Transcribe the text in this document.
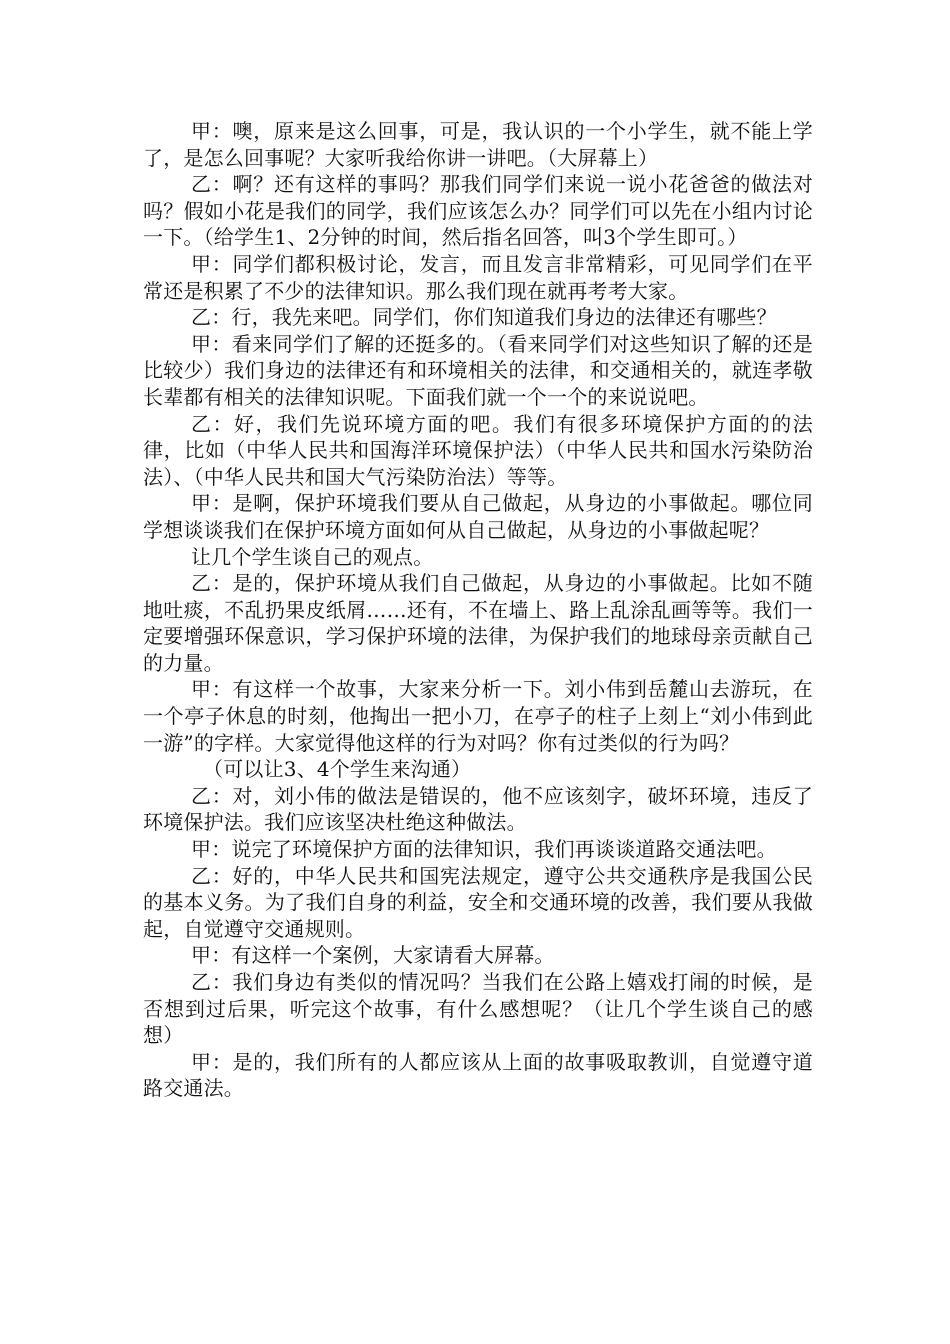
甲：噢，原来是这么回事，可是，我认识的一个小学生，就不能上学了，是怎么回事呢？大家听我给你讲一讲吧。（大屏幕上）

乙：啊？还有这样的事吗？那我们同学们来说一说小花爸爸的做法对吗？假如小花是我们的同学，我们应该怎么办？同学们可以先在小组内讨论一下。（给学生1、2分钟的时间，然后指名回答，叫3个学生即可。）

甲：同学们都积极讨论，发言，而且发言非常精彩，可见同学们在平常还是积累了不少的法律知识。那么我们现在就再考考大家。

乙：行，我先来吧。同学们，你们知道我们身边的法律还有哪些？

甲：看来同学们了解的还挺多的。（看来同学们对这些知识了解的还是比较少）我们身边的法律还有和环境相关的法律，和交通相关的，就连孝敬长辈都有相关的法律知识呢。下面我们就一个一个的来说说吧。

乙：好，我们先说环境方面的吧。我们有很多环境保护方面的的法律，比如（中华人民共和国海洋环境保护法）（中华人民共和国水污染防治法）、（中华人民共和国大气污染防治法）等等。

甲：是啊，保护环境我们要从自己做起，从身边的小事做起。哪位同学想谈谈我们在保护环境方面如何从自己做起，从身边的小事做起呢？

让几个学生谈自己的观点。

乙：是的，保护环境从我们自己做起，从身边的小事做起。比如不随地吐痰，不乱扔果皮纸屑……还有，不在墙上、路上乱涂乱画等等。我们一定要增强环保意识，学习保护环境的法律，为保护我们的地球母亲贡献自己的力量。

甲：有这样一个故事，大家来分析一下。刘小伟到岳麓山去游玩，在一个亭子休息的时刻，他掏出一把小刀，在亭子的柱子上刻上“刘小伟到此一游”的字样。大家觉得他这样的行为对吗？你有过类似的行为吗？

（可以让3、4个学生来沟通）

乙：对，刘小伟的做法是错误的，他不应该刻字，破坏环境，违反了环境保护法。我们应该坚决杜绝这种做法。

甲：说完了环境保护方面的法律知识，我们再谈谈道路交通法吧。

乙：好的，中华人民共和国宪法规定，遵守公共交通秩序是我国公民的基本义务。为了我们自身的利益，安全和交通环境的改善，我们要从我做起，自觉遵守交通规则。

甲：有这样一个案例，大家请看大屏幕。

乙：我们身边有类似的情况吗？当我们在公路上嬉戏打闹的时候，是否想到过后果，听完这个故事，有什么感想呢？（让几个学生谈自己的感想）

甲：是的，我们所有的人都应该从上面的故事吸取教训，自觉遵守道路交通法。
